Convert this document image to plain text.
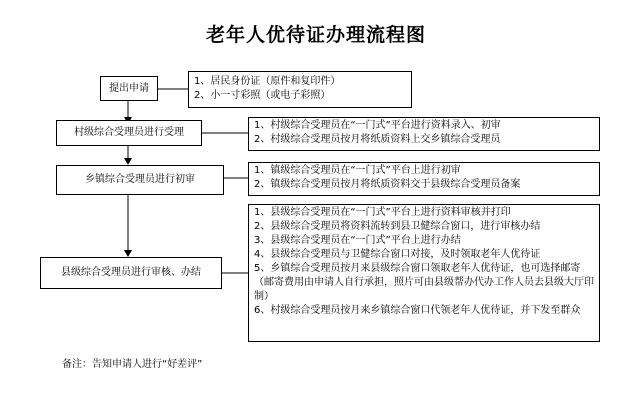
老年人优待证办理流程图
提出申请
1、居民身份证（原件和复印件）
2、小一寸彩照（或电子彩照）
村级综合受理员进行受理
1、村级综合受理员在“一门式”平台进行资料录入、初审
2、村级综合受理员按月将纸质资料上交乡镇综合受理员
乡镇综合受理员进行初审
1、镇级综合受理员在“一门式”平台上进行初审
2、镇级综合受理员按月将纸质资料交于县级综合受理员备案
县级综合受理员进行审核、办结
1、县级综合受理员在“一门式”平台上进行资料审核并打印
2、县级综合受理员将资料流转到县卫健综合窗口，进行审核办结
3、县级综合受理员在“一门式”平台上进行办结
4、县级综合受理员与卫健综合窗口对接，及时领取老年人优待证
5、乡镇综合受理员按月来县级综合窗口领取老年人优待证，也可选择邮寄（邮寄费用由申请人自行承担，照片可由县级帮办代办工作人员去县级大厅印制）
6、村级综合受理员按月来乡镇综合窗口代领老年人优待证，并下发至群众
备注：告知申请人进行“好差评”
